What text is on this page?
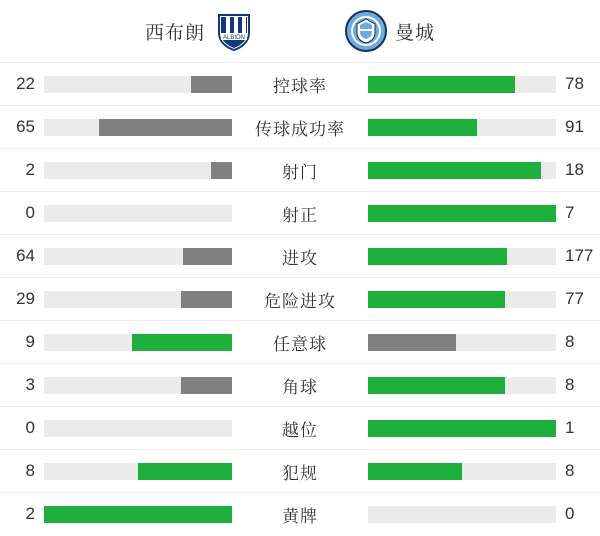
西布朗	ALBION	曼城
22	控球率	78
65	传球成功率	91
2	射门	18
0	射正	7
64	进攻	177
29	危险进攻	77
9	任意球	8
3	角球	8
0	越位	1
8	犯规	8
2	黄牌	0
